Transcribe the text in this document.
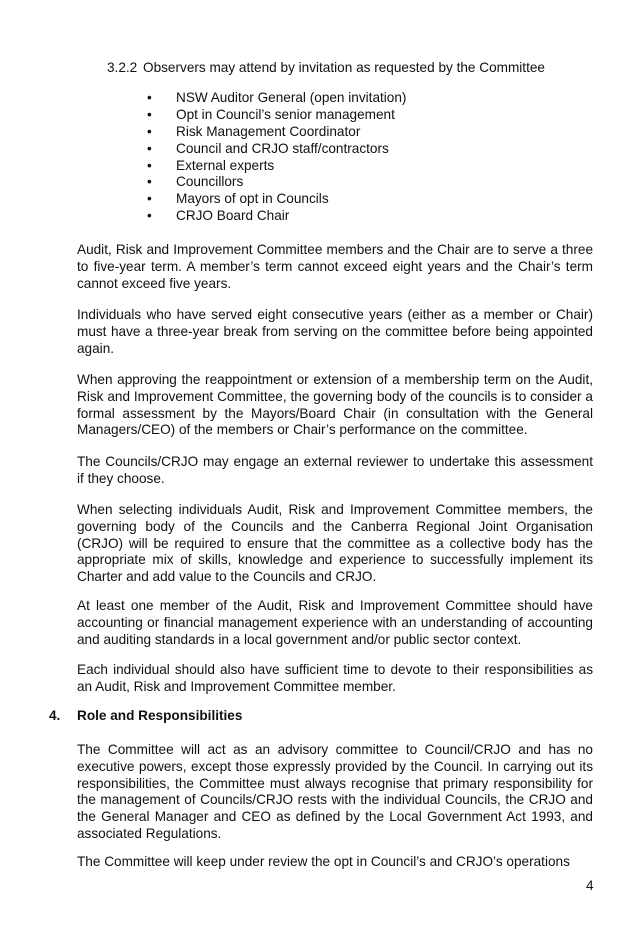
3.2.2 Observers may attend by invitation as requested by the Committee
• NSW Auditor General (open invitation)
• Opt in Council’s senior management
• Risk Management Coordinator
• Council and CRJO staff/contractors
• External experts
• Councillors
• Mayors of opt in Councils
• CRJO Board Chair

Audit, Risk and Improvement Committee members and the Chair are to serve a three to five-year term. A member’s term cannot exceed eight years and the Chair’s term cannot exceed five years.

Individuals who have served eight consecutive years (either as a member or Chair) must have a three-year break from serving on the committee before being appointed again.

When approving the reappointment or extension of a membership term on the Audit, Risk and Improvement Committee, the governing body of the councils is to consider a formal assessment by the Mayors/Board Chair (in consultation with the General Managers/CEO) of the members or Chair’s performance on the committee.

The Councils/CRJO may engage an external reviewer to undertake this assessment if they choose.

When selecting individuals Audit, Risk and Improvement Committee members, the governing body of the Councils and the Canberra Regional Joint Organisation (CRJO) will be required to ensure that the committee as a collective body has the appropriate mix of skills, knowledge and experience to successfully implement its Charter and add value to the Councils and CRJO.

At least one member of the Audit, Risk and Improvement Committee should have accounting or financial management experience with an understanding of accounting and auditing standards in a local government and/or public sector context.

Each individual should also have sufficient time to devote to their responsibilities as an Audit, Risk and Improvement Committee member.

4. Role and Responsibilities

The Committee will act as an advisory committee to Council/CRJO and has no executive powers, except those expressly provided by the Council. In carrying out its responsibilities, the Committee must always recognise that primary responsibility for the management of Councils/CRJO rests with the individual Councils, the CRJO and the General Manager and CEO as defined by the Local Government Act 1993, and associated Regulations.

The Committee will keep under review the opt in Council’s and CRJO’s operations

4
